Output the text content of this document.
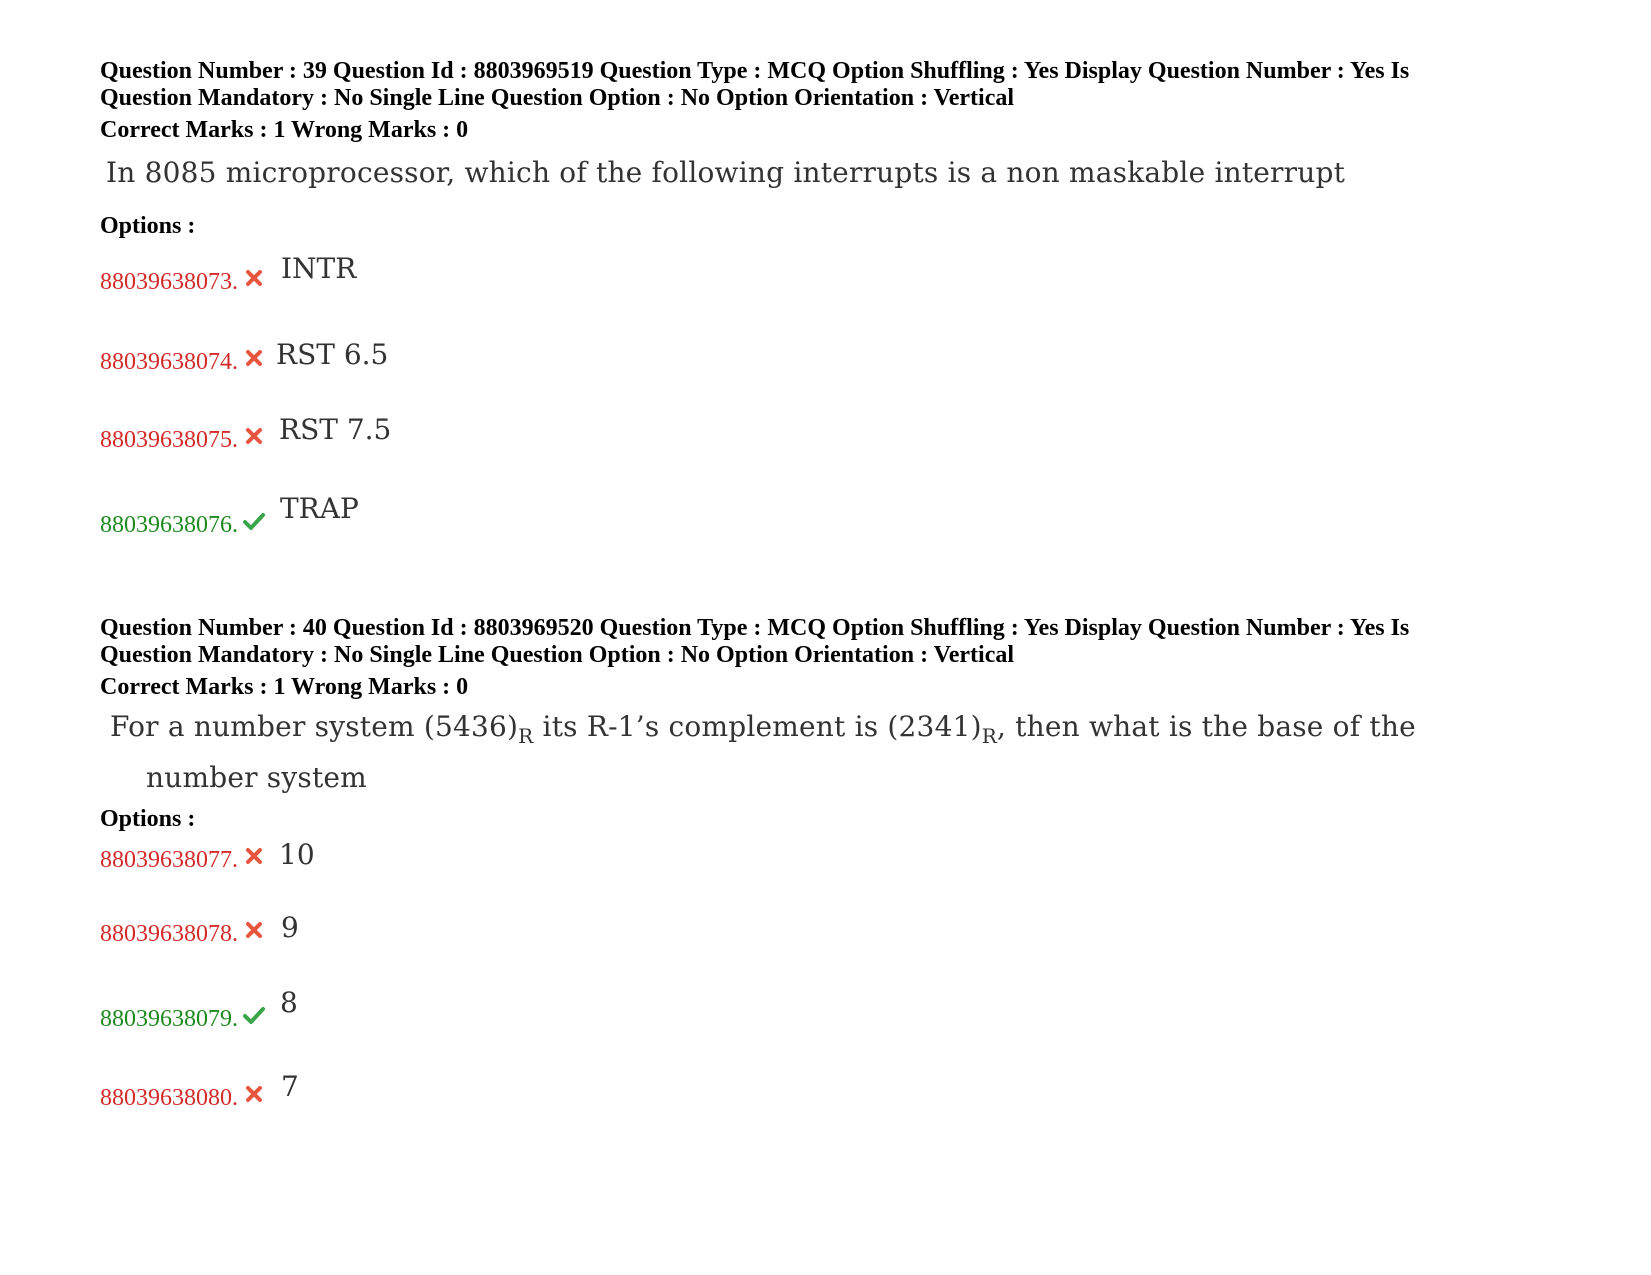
Question Number : 39 Question Id : 8803969519 Question Type : MCQ Option Shuffling : Yes Display Question Number : Yes Is
Question Mandatory : No Single Line Question Option : No Option Orientation : Vertical
Correct Marks : 1 Wrong Marks : 0
In 8085 microprocessor, which of the following interrupts is a non maskable interrupt
Options :
88039638073. INTR
88039638074. RST 6.5
88039638075. RST 7.5
88039638076. TRAP
Question Number : 40 Question Id : 8803969520 Question Type : MCQ Option Shuffling : Yes Display Question Number : Yes Is
Question Mandatory : No Single Line Question Option : No Option Orientation : Vertical
Correct Marks : 1 Wrong Marks : 0
For a number system $(5436)_R$ its R-1’s complement is $(2341)_R$, then what is the base of the
number system
Options :
88039638077. 10
88039638078. 9
88039638079. 8
88039638080. 7
